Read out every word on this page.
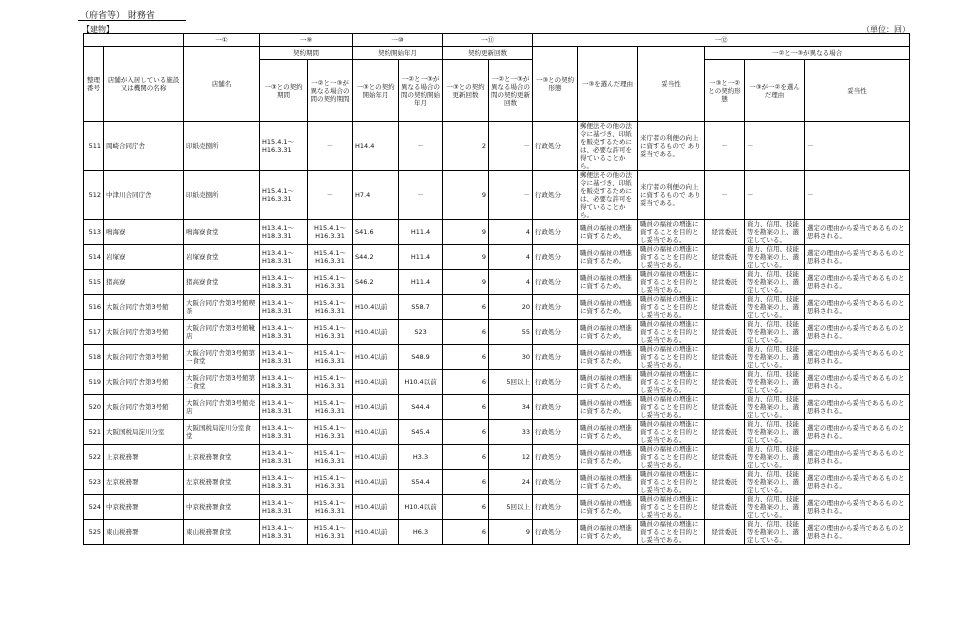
（府省等） 財務省
【建物】	（単位：回）
		一①	一⑨		一⑩		一⑪		一⑫					
整理番号	店舗が入居している施設又は機関の名称	店舗名	契約期間		契約開始年月		契約更新回数		一③との契約形態	一③を選んだ理由	妥当性	一②と一③が異なる場合		
			一③との契約期間	一②と一③が異なる場合の間の契約期間	一③との契約開始年月	一②と一③が異なる場合の間の契約開始年月	一③との契約更新回数	一②と一③が異なる場合の間の契約更新回数				一③と一②との契約形態	一③が一②を選んだ理由	妥当性
511	岡崎合同庁舎	印紙売捌所	H15.4.1～ H16.3.31	－	H14.4	－	2	－	行政処分	郵便法その他の法令に基づき、印紙を販売するためには、必要な許可を得ていることから。	来庁者の利便の向上に資するもので あり妥当である。	－	－	－
512	中津川合同庁舎	印紙売捌所	H15.4.1～ H16.3.31	－	H7.4	－	9	－	行政処分	郵便法その他の法令に基づき、印紙を販売するためには、必要な許可を得ていることから。	来庁者の利便の向上に資するもので あり妥当である。	－	－	－
513	鳴海寮	鳴海寮食堂	H13.4.1～ H18.3.31	H15.4.1～ H16.3.31	S41.6	H11.4	9	4	行政処分	職員の福祉の増進に資するため。	職員の福祉の増進に資することを目的とし妥当である。	経営委託	資力、信用、技能等を勘案の上、選定している。	選定の理由から妥当であるものと思料される。
514	岩塚寮	岩塚寮食堂	H13.4.1～ H18.3.31	H15.4.1～ H16.3.31	S44.2	H11.4	9	4	行政処分	職員の福祉の増進に資するため。	職員の福祉の増進に資することを目的とし妥当である。	経営委託	資力、信用、技能等を勘案の上、選定している。	選定の理由から妥当であるものと思料される。
515	猪高寮	猪高寮食堂	H13.4.1～ H18.3.31	H15.4.1～ H16.3.31	S46.2	H11.4	9	4	行政処分	職員の福祉の増進に資するため。	職員の福祉の増進に資することを目的とし妥当である。	経営委託	資力、信用、技能等を勘案の上、選定している。	選定の理由から妥当であるものと思料される。
516	大阪合同庁舎第3号館	大阪合同庁舎第3号館喫茶	H13.4.1～ H18.3.31	H15.4.1～ H16.3.31	H10.4以前	S58.7	6	20	行政処分	職員の福祉の増進に資するため。	職員の福祉の増進に資することを目的とし妥当である。	経営委託	資力、信用、技能等を勘案の上、選定している。	選定の理由から妥当であるものと思料される。
517	大阪合同庁舎第3号館	大阪合同庁舎第3号館靴店	H13.4.1～ H18.3.31	H15.4.1～ H16.3.31	H10.4以前	S23	6	55	行政処分	職員の福祉の増進に資するため。	職員の福祉の増進に資することを目的とし妥当である。	経営委託	資力、信用、技能等を勘案の上、選定している。	選定の理由から妥当であるものと思料される。
518	大阪合同庁舎第3号館	大阪合同庁舎第3号館第一食堂	H13.4.1～ H18.3.31	H15.4.1～ H16.3.31	H10.4以前	S48.9	6	30	行政処分	職員の福祉の増進に資するため。	職員の福祉の増進に資することを目的とし妥当である。	経営委託	資力、信用、技能等を勘案の上、選定している。	選定の理由から妥当であるものと思料される。
519	大阪合同庁舎第3号館	大阪合同庁舎第3号館第二食堂	H13.4.1～ H18.3.31	H15.4.1～ H16.3.31	H10.4以前	H10.4以前	6	5回以上	行政処分	職員の福祉の増進に資するため。	職員の福祉の増進に資することを目的とし妥当である。	経営委託	資力、信用、技能等を勘案の上、選定している。	選定の理由から妥当であるものと思料される。
520	大阪合同庁舎第3号館	大阪合同庁舎第3号館売店	H13.4.1～ H18.3.31	H15.4.1～ H16.3.31	H10.4以前	S44.4	6	34	行政処分	職員の福祉の増進に資するため。	職員の福祉の増進に資することを目的とし妥当である。	経営委託	資力、信用、技能等を勘案の上、選定している。	選定の理由から妥当であるものと思料される。
521	大阪国税局淀川分室	大阪国税局淀川分室食堂	H13.4.1～ H18.3.31	H15.4.1～ H16.3.31	H10.4以前	S45.4	6	33	行政処分	職員の福祉の増進に資するため。	職員の福祉の増進に資することを目的とし妥当である。	経営委託	資力、信用、技能等を勘案の上、選定している。	選定の理由から妥当であるものと思料される。
522	上京税務署	上京税務署食堂	H13.4.1～ H18.3.31	H15.4.1～ H16.3.31	H10.4以前	H3.3	6	12	行政処分	職員の福祉の増進に資するため。	職員の福祉の増進に資することを目的とし妥当である。	経営委託	資力、信用、技能等を勘案の上、選定している。	選定の理由から妥当であるものと思料される。
523	左京税務署	左京税務署食堂	H13.4.1～ H18.3.31	H15.4.1～ H16.3.31	H10.4以前	S54.4	6	24	行政処分	職員の福祉の増進に資するため。	職員の福祉の増進に資することを目的とし妥当である。	経営委託	資力、信用、技能等を勘案の上、選定している。	選定の理由から妥当であるものと思料される。
524	中京税務署	中京税務署食堂	H13.4.1～ H18.3.31	H15.4.1～ H16.3.31	H10.4以前	H10.4以前	6	5回以上	行政処分	職員の福祉の増進に資するため。	職員の福祉の増進に資することを目的とし妥当である。	経営委託	資力、信用、技能等を勘案の上、選定している。	選定の理由から妥当であるものと思料される。
525	東山税務署	東山税務署食堂	H13.4.1～ H18.3.31	H15.4.1～ H16.3.31	H10.4以前	H6.3	6	9	行政処分	職員の福祉の増進に資するため。	職員の福祉の増進に資することを目的とし妥当である。	経営委託	資力、信用、技能等を勘案の上、選定している。	選定の理由から妥当であるものと思料される。
